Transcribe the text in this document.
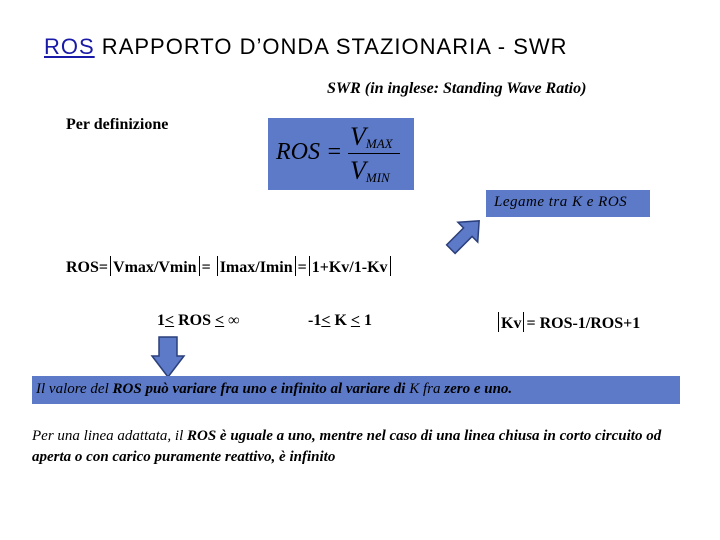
ROS RAPPORTO D’ONDA STAZIONARIA - SWR
SWR (in inglese: Standing Wave Ratio)
Per definizione
ROS =
$V_{MAX}$
$V_{MIN}$
Legame tra K e ROS
ROS= Vmax/Vmin = Imax/Imin = 1+Kv/1-Kv
1< ROS < ∞	-1< K < 1	Kv = ROS-1/ROS+1
Il valore del ROS può variare fra uno e infinito al variare di K fra zero e uno.
Per una linea adattata, il ROS è uguale a uno, mentre nel caso di una linea chiusa in corto circuito od aperta o con carico puramente reattivo, è infinito
